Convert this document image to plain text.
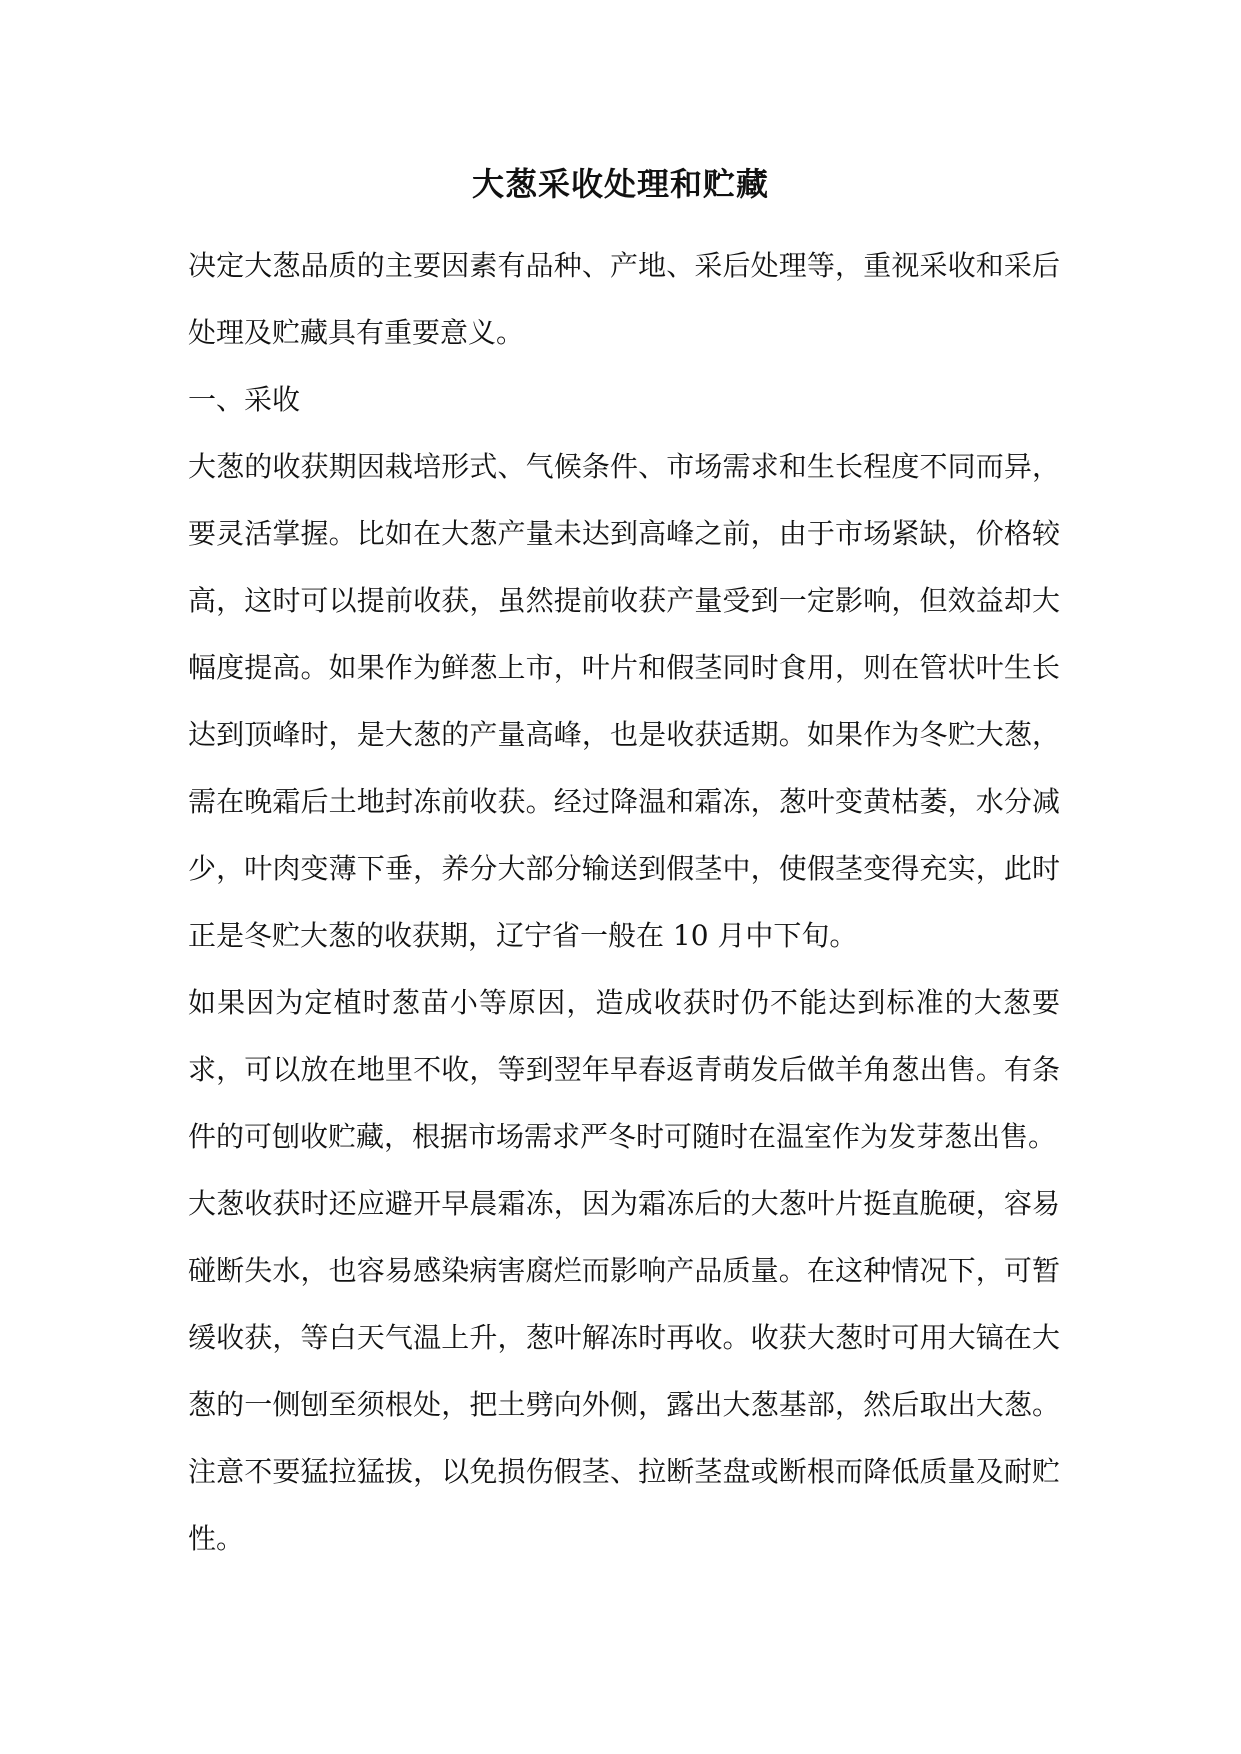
大葱采收处理和贮藏

决定大葱品质的主要因素有品种、产地、采后处理等，重视采收和采后处理及贮藏具有重要意义。

一、采收

大葱的收获期因栽培形式、气候条件、市场需求和生长程度不同而异，要灵活掌握。比如在大葱产量未达到高峰之前，由于市场紧缺，价格较高，这时可以提前收获，虽然提前收获产量受到一定影响，但效益却大幅度提高。如果作为鲜葱上市，叶片和假茎同时食用，则在管状叶生长达到顶峰时，是大葱的产量高峰，也是收获适期。如果作为冬贮大葱，需在晚霜后土地封冻前收获。经过降温和霜冻，葱叶变黄枯萎，水分减少，叶肉变薄下垂，养分大部分输送到假茎中，使假茎变得充实，此时正是冬贮大葱的收获期，辽宁省一般在 10 月中下旬。

如果因为定植时葱苗小等原因，造成收获时仍不能达到标准的大葱要求，可以放在地里不收，等到翌年早春返青萌发后做羊角葱出售。有条件的可刨收贮藏，根据市场需求严冬时可随时在温室作为发芽葱出售。

大葱收获时还应避开早晨霜冻，因为霜冻后的大葱叶片挺直脆硬，容易碰断失水，也容易感染病害腐烂而影响产品质量。在这种情况下，可暂缓收获，等白天气温上升，葱叶解冻时再收。收获大葱时可用大镐在大葱的一侧刨至须根处，把土劈向外侧，露出大葱基部，然后取出大葱。注意不要猛拉猛拔，以免损伤假茎、拉断茎盘或断根而降低质量及耐贮性。
